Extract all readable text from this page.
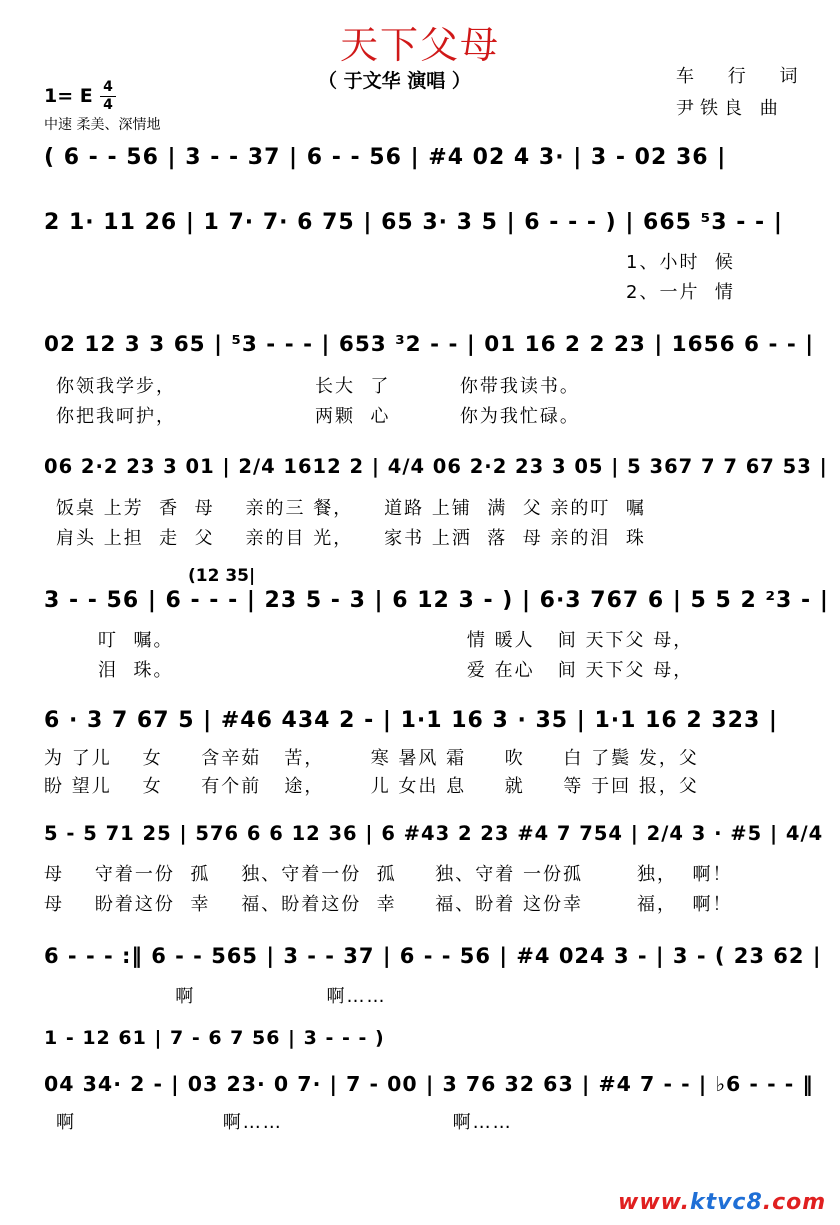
天下父母
（ 于文华 演唱 ）	车 行 词
尹铁良 曲
1= E 4
4
中速 柔美、深情地
( 6 - - 56 | 3 - - 37 | 6 - - 56 | #4 02 4 3· | 3 - 02 36 |
2 1· 11 26 | 1 7· 7· 6 75 | 65 3· 3 5 | 6 - - - ) | 665 ⁵3 - - |
1、小时  候
2、一片  情
02 12 3 3 65 | ⁵3 - - - | 653 ³2 - - | 01 16 2 2 23 | 1656 6 - - |
你领我学步，                  长大  了         你带我读书。
你把我呵护，                  两颗  心         你为我忙碌。
06 2·2 23 3 01 | 2/4 1612 2 | 4/4 06 2·2 23 3 05 | 5 367 7 7 67 53 |
饭桌 上芳  香  母    亲的三 餐，    道路 上铺  满  父 亲的叮  嘱
肩头 上担  走  父    亲的目 光，    家书 上洒  落  母 亲的泪  珠
(12 35|
3 - - 56 | 6 - - - | 23 5 - 3 | 6 12 3 - ) | 6·3 767 6 | 5 5 2 ²3 - |
叮  嘱。                                      情 暖人   间 天下父 母，
泪  珠。                                      爱 在心   间 天下父 母，
6 · 3 7 67 5 | #46 434 2 - | 1·1 16 3 · 35 | 1·1 16 2 323 |
为 了儿    女     含辛茹   苦，      寒 暑风 霜     吹     白 了鬓 发，父
盼 望儿    女     有个前   途，      儿 女出 息     就     等 于回 报，父
5 - 5 71 25 | 576 6 6 12 36 | 6 #43 2 23 #4 7 754 | 2/4 3 · #5 | 4/4
母    守着一份  孤    独、守着一份  孤     独、守着 一份孤       独，  啊！
母    盼着这份  幸    福、盼着这份  幸     福、盼着 这份幸       福，  啊！
6 - - - :‖ 6 - - 565 | 3 - - 37 | 6 - - 56 | #4 024 3 - | 3 - ( 23 62 |
啊                 啊……
1 - 12 61 | 7 - 6 7 56 | 3 - - - )
04 34· 2 - | 03 23· 0 7· | 7 - 00 | 3 76 32 63 | #4 7 - - | ♭6 - - - ‖
啊                   啊……                      啊……
www.ktvc8.com
